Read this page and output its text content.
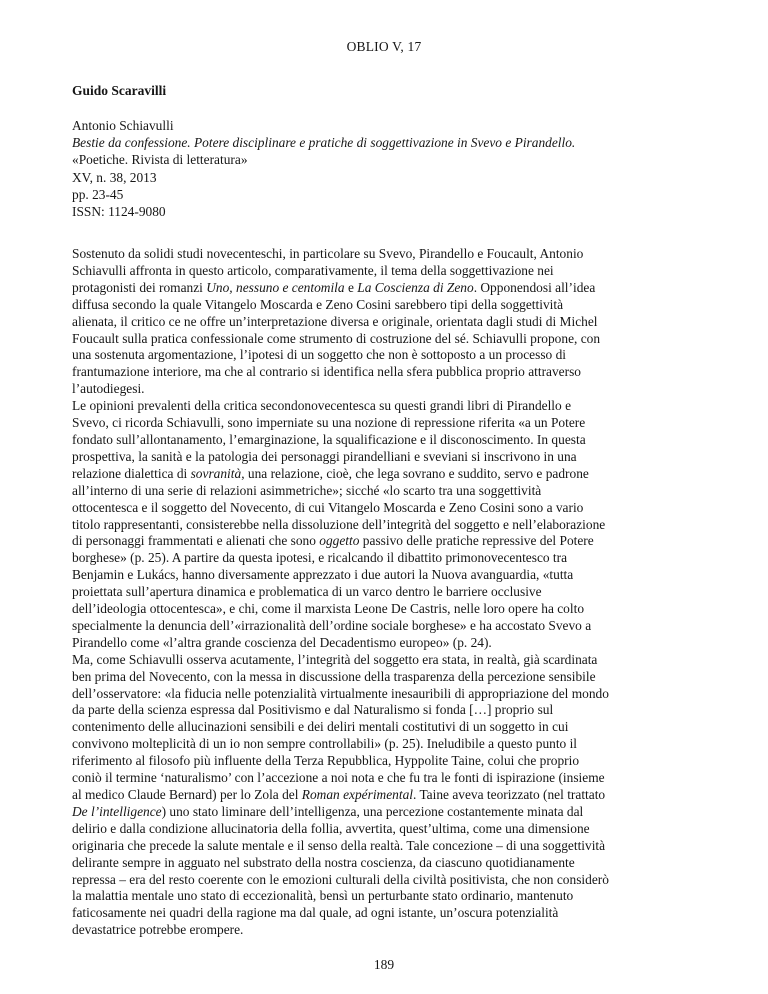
OBLIO V, 17
Guido Scaravilli
Antonio Schiavulli
Bestie da confessione. Potere disciplinare e pratiche di soggettivazione in Svevo e Pirandello.
«Poetiche. Rivista di letteratura»
XV, n. 38, 2013
pp. 23-45
ISSN: 1124-9080
Sostenuto da solidi studi novecenteschi, in particolare su Svevo, Pirandello e Foucault, Antonio
Schiavulli affronta in questo articolo, comparativamente, il tema della soggettivazione nei
protagonisti dei romanzi Uno, nessuno e centomila e La Coscienza di Zeno. Opponendosi all’idea
diffusa secondo la quale Vitangelo Moscarda e Zeno Cosini sarebbero tipi della soggettività
alienata, il critico ce ne offre un’interpretazione diversa e originale, orientata dagli studi di Michel
Foucault sulla pratica confessionale come strumento di costruzione del sé. Schiavulli propone, con
una sostenuta argomentazione, l’ipotesi di un soggetto che non è sottoposto a un processo di
frantumazione interiore, ma che al contrario si identifica nella sfera pubblica proprio attraverso
l’autodiegesi.
Le opinioni prevalenti della critica secondonovecentesca su questi grandi libri di Pirandello e
Svevo, ci ricorda Schiavulli, sono imperniate su una nozione di repressione riferita «a un Potere
fondato sull’allontanamento, l’emarginazione, la squalificazione e il disconoscimento. In questa
prospettiva, la sanità e la patologia dei personaggi pirandelliani e sveviani si inscrivono in una
relazione dialettica di sovranità, una relazione, cioè, che lega sovrano e suddito, servo e padrone
all’interno di una serie di relazioni asimmetriche»; sicché «lo scarto tra una soggettività
ottocentesca e il soggetto del Novecento, di cui Vitangelo Moscarda e Zeno Cosini sono a vario
titolo rappresentanti, consisterebbe nella dissoluzione dell’integrità del soggetto e nell’elaborazione
di personaggi frammentati e alienati che sono oggetto passivo delle pratiche repressive del Potere
borghese» (p. 25). A partire da questa ipotesi, e ricalcando il dibattito primonovecentesco tra
Benjamin e Lukács, hanno diversamente apprezzato i due autori la Nuova avanguardia, «tutta
proiettata sull’apertura dinamica e problematica di un varco dentro le barriere occlusive
dell’ideologia ottocentesca», e chi, come il marxista Leone De Castris, nelle loro opere ha colto
specialmente la denuncia dell’«irrazionalità dell’ordine sociale borghese» e ha accostato Svevo a
Pirandello come «l’altra grande coscienza del Decadentismo europeo» (p. 24).
Ma, come Schiavulli osserva acutamente, l’integrità del soggetto era stata, in realtà, già scardinata
ben prima del Novecento, con la messa in discussione della trasparenza della percezione sensibile
dell’osservatore: «la fiducia nelle potenzialità virtualmente inesauribili di appropriazione del mondo
da parte della scienza espressa dal Positivismo e dal Naturalismo si fonda […] proprio sul
contenimento delle allucinazioni sensibili e dei deliri mentali costitutivi di un soggetto in cui
convivono molteplicità di un io non sempre controllabili» (p. 25). Ineludibile a questo punto il
riferimento al filosofo più influente della Terza Repubblica, Hyppolite Taine, colui che proprio
coniò il termine ‘naturalismo’ con l’accezione a noi nota e che fu tra le fonti di ispirazione (insieme
al medico Claude Bernard) per lo Zola del Roman expérimental. Taine aveva teorizzato (nel trattato
De l’intelligence) uno stato liminare dell’intelligenza, una percezione costantemente minata dal
delirio e dalla condizione allucinatoria della follia, avvertita, quest’ultima, come una dimensione
originaria che precede la salute mentale e il senso della realtà. Tale concezione – di una soggettività
delirante sempre in agguato nel substrato della nostra coscienza, da ciascuno quotidianamente
repressa – era del resto coerente con le emozioni culturali della civiltà positivista, che non considerò
la malattia mentale uno stato di eccezionalità, bensì un perturbante stato ordinario, mantenuto
faticosamente nei quadri della ragione ma dal quale, ad ogni istante, un’oscura potenzialità
devastatrice potrebbe erompere.
189
